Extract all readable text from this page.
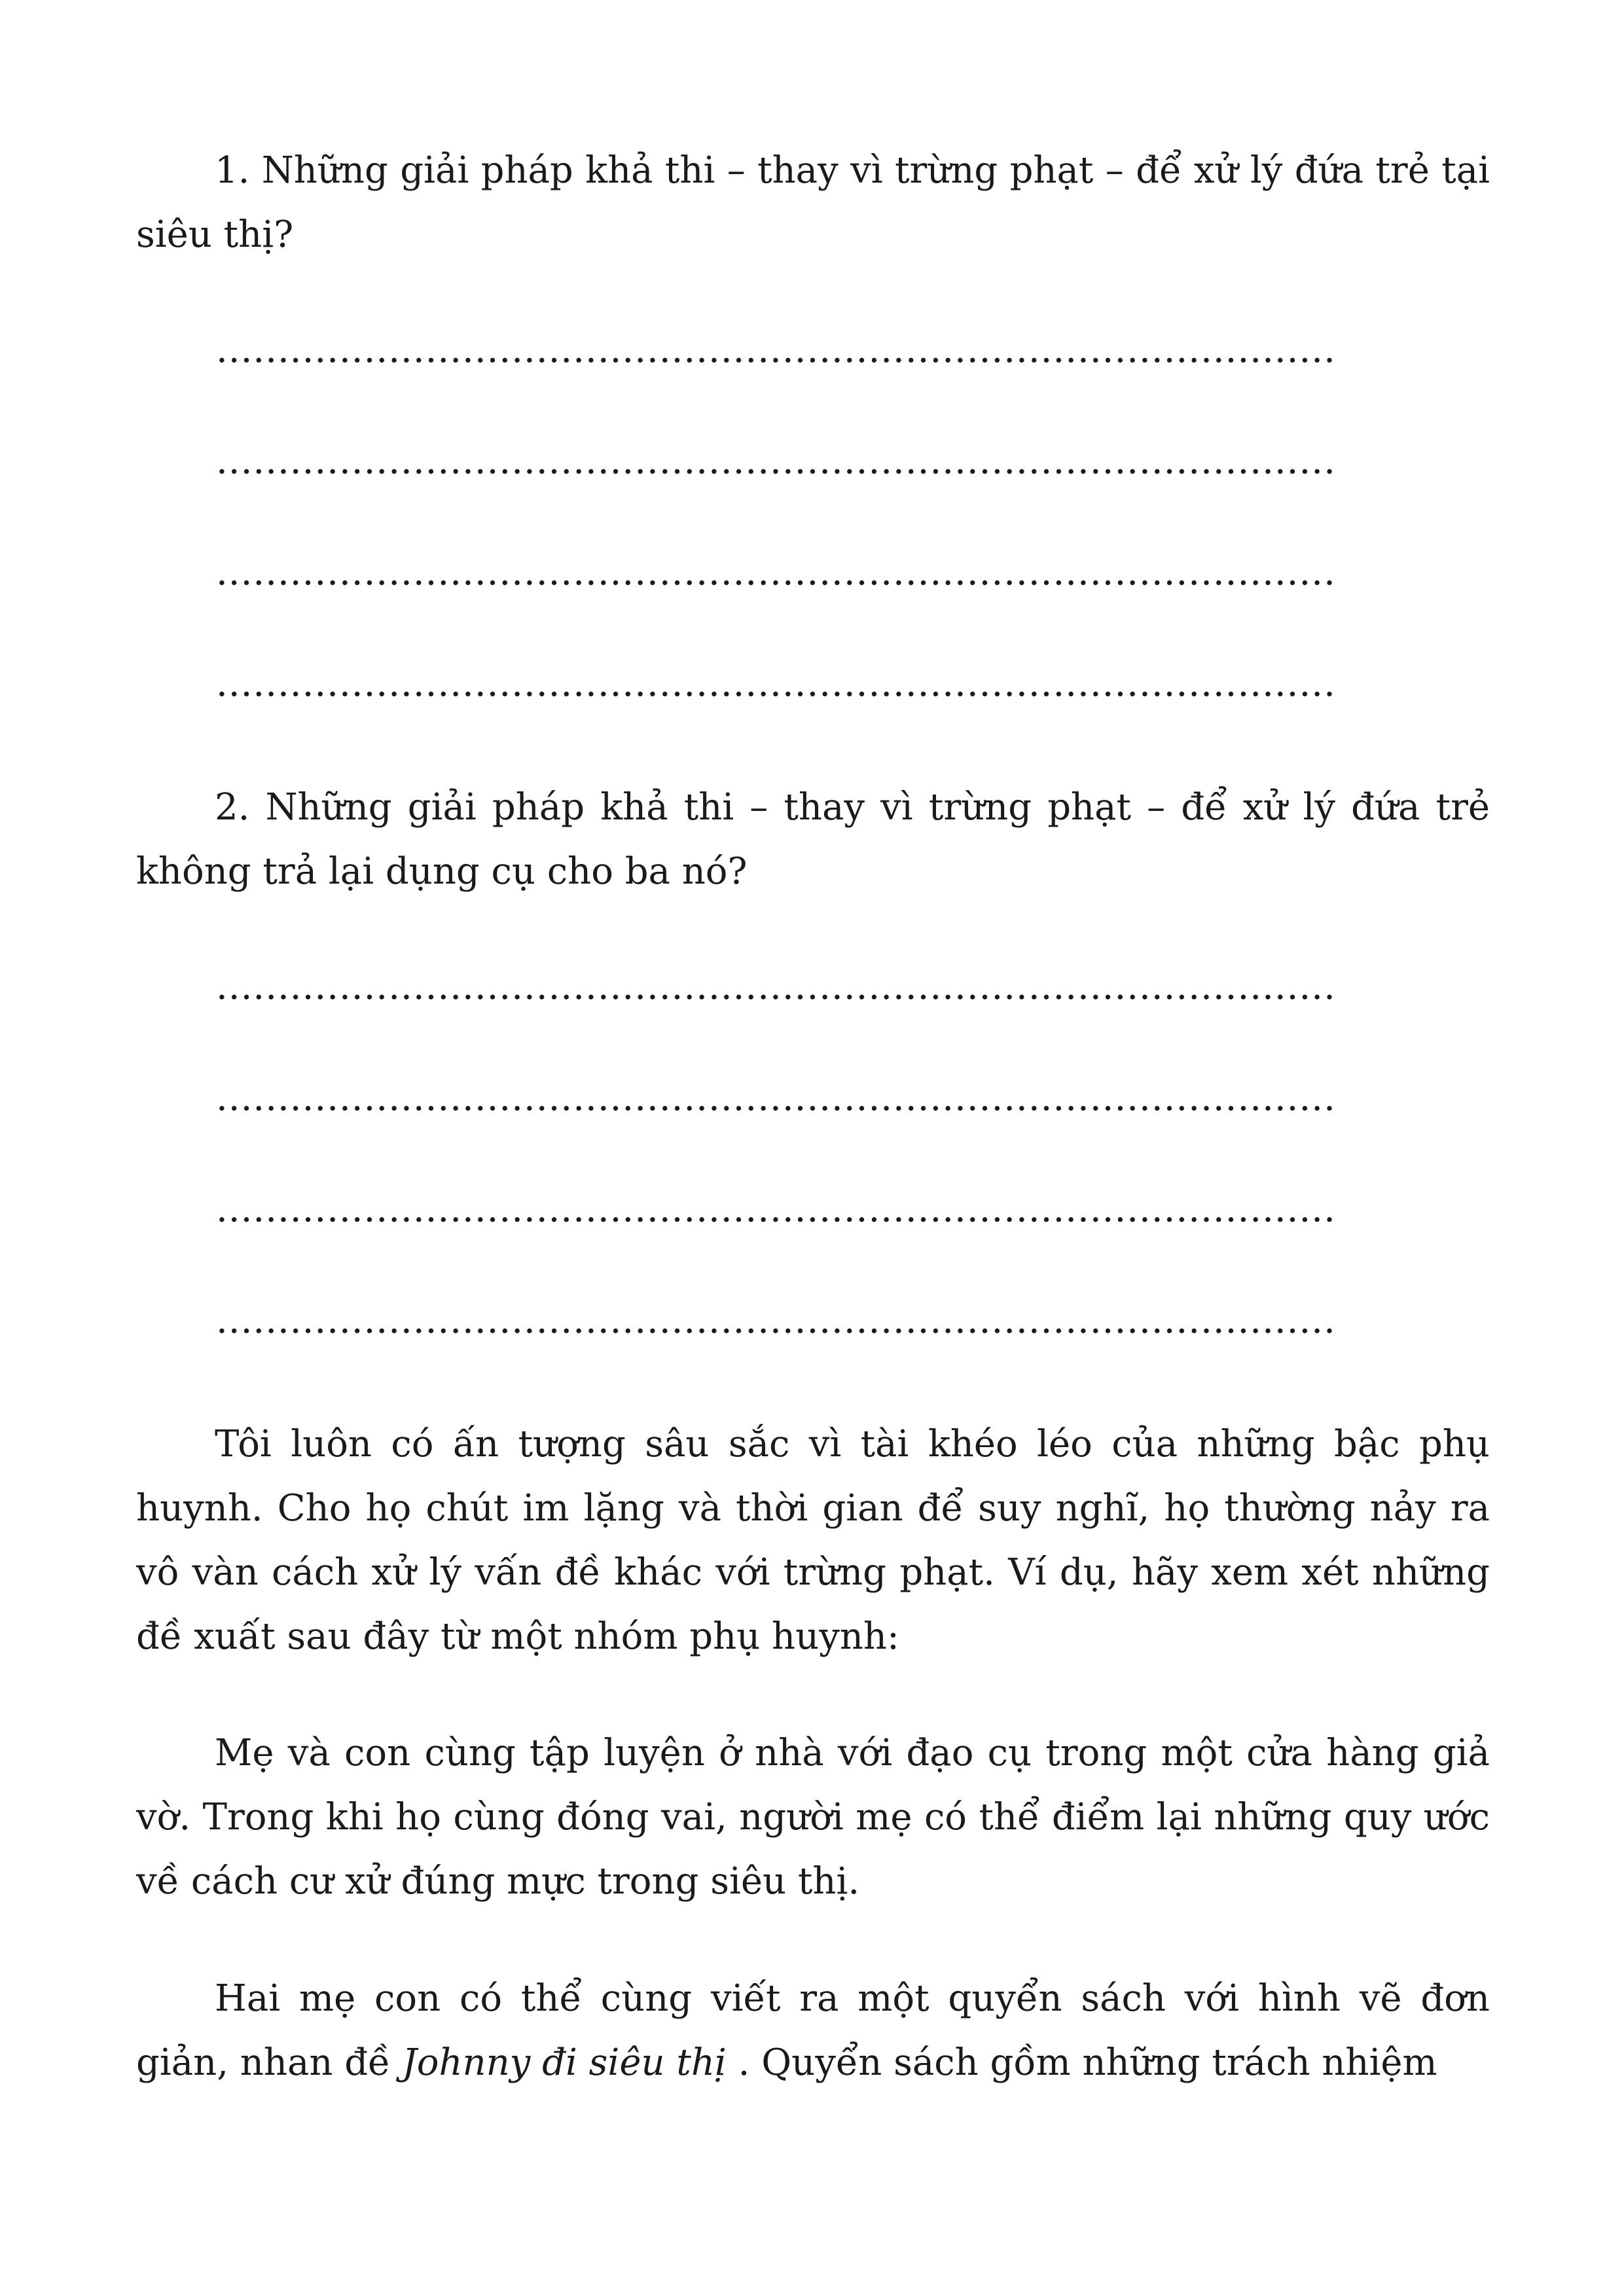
1. Những giải pháp khả thi – thay vì trừng phạt – để xử lý đứa trẻ tại siêu thị?

...........................................................................................
...........................................................................................
...........................................................................................
...........................................................................................

2. Những giải pháp khả thi – thay vì trừng phạt – để xử lý đứa trẻ không trả lại dụng cụ cho ba nó?

...........................................................................................
...........................................................................................
...........................................................................................
...........................................................................................

Tôi luôn có ấn tượng sâu sắc vì tài khéo léo của những bậc phụ huynh. Cho họ chút im lặng và thời gian để suy nghĩ, họ thường nảy ra vô vàn cách xử lý vấn đề khác với trừng phạt. Ví dụ, hãy xem xét những đề xuất sau đây từ một nhóm phụ huynh:

Mẹ và con cùng tập luyện ở nhà với đạo cụ trong một cửa hàng giả vờ. Trong khi họ cùng đóng vai, người mẹ có thể điểm lại những quy ước về cách cư xử đúng mực trong siêu thị.

Hai mẹ con có thể cùng viết ra một quyển sách với hình vẽ đơn giản, nhan đề Johnny đi siêu thị . Quyển sách gồm những trách nhiệm
